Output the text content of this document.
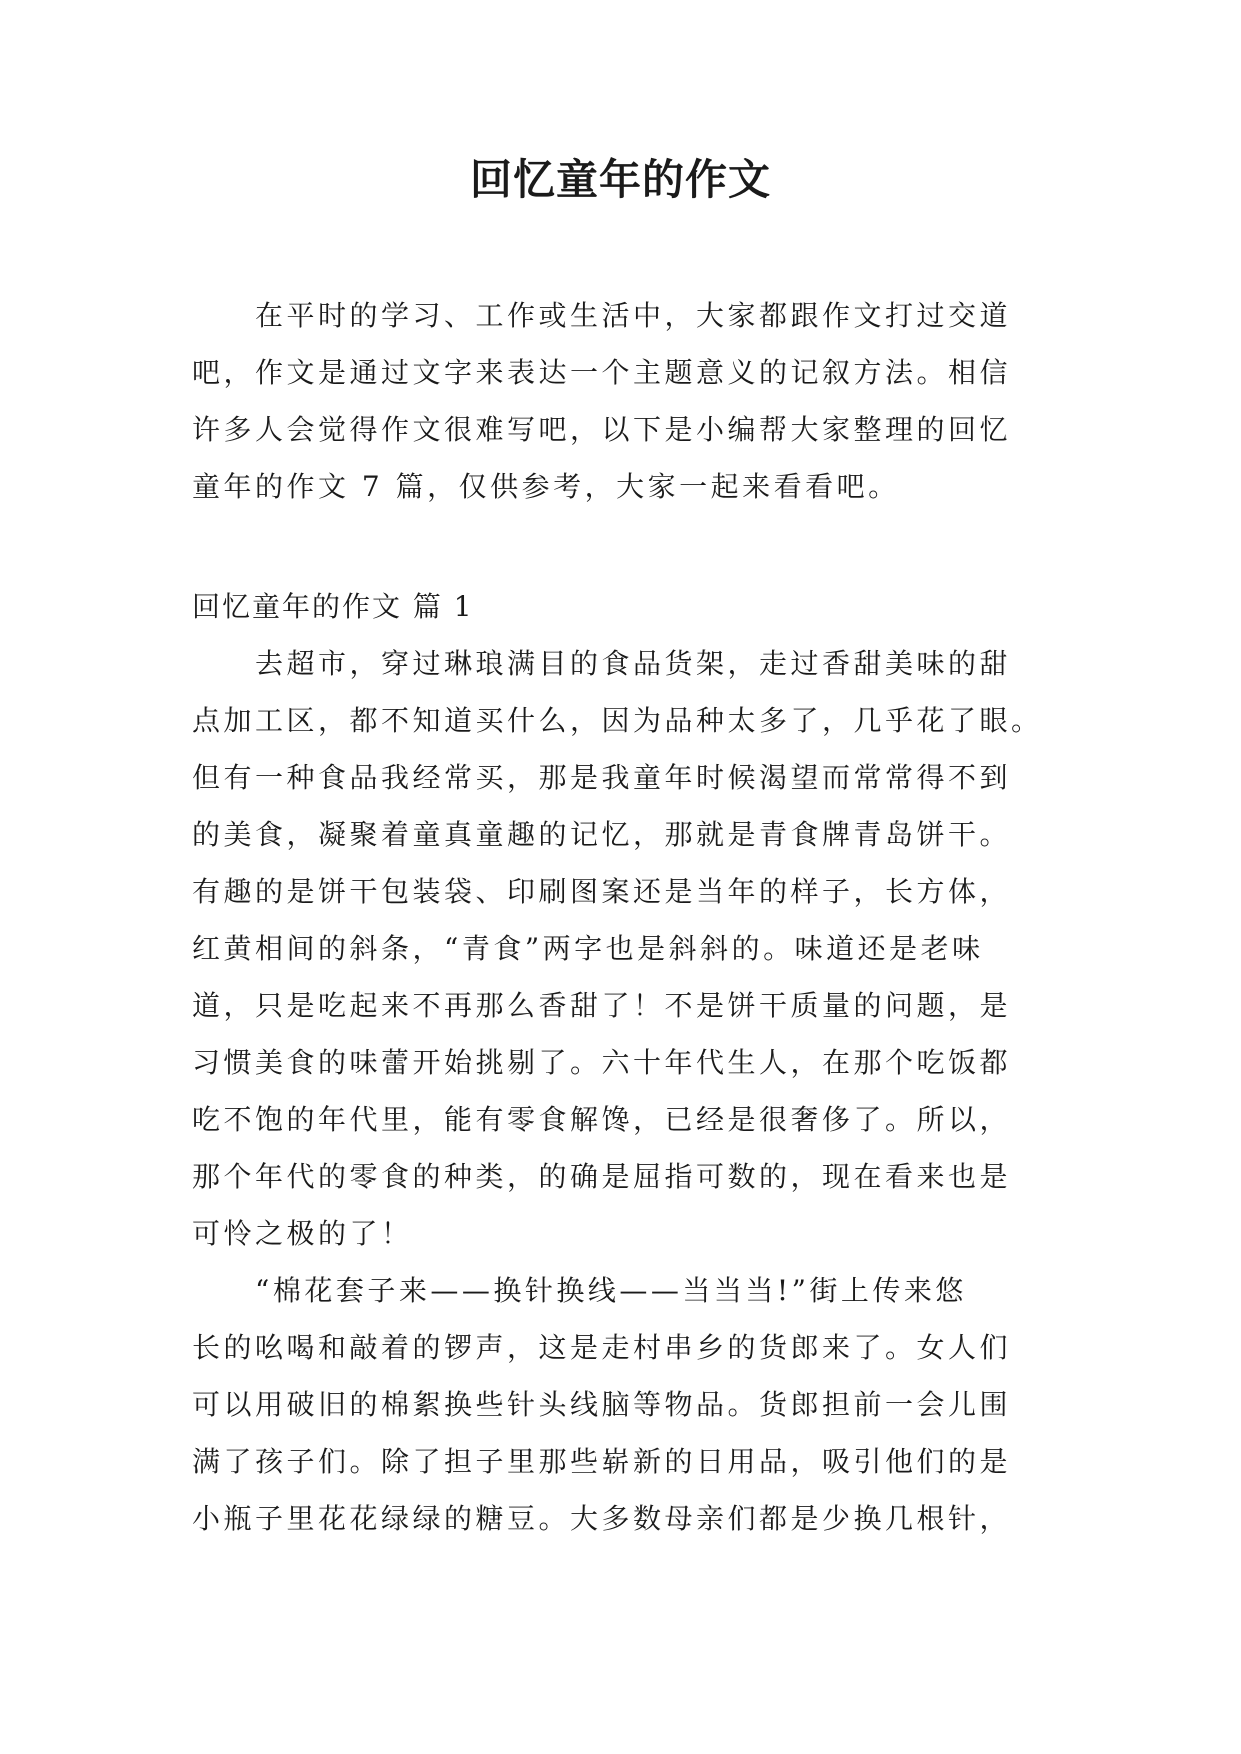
回忆童年的作文
　　在平时的学习、工作或生活中，大家都跟作文打过交道
吧，作文是通过文字来表达一个主题意义的记叙方法。相信
许多人会觉得作文很难写吧，以下是小编帮大家整理的回忆
童年的作文 7 篇，仅供参考，大家一起来看看吧。
回忆童年的作文 篇 1
　　去超市，穿过琳琅满目的食品货架，走过香甜美味的甜
点加工区，都不知道买什么，因为品种太多了，几乎花了眼。
但有一种食品我经常买，那是我童年时候渴望而常常得不到
的美食，凝聚着童真童趣的记忆，那就是青食牌青岛饼干。
有趣的是饼干包装袋、印刷图案还是当年的样子，长方体，
红黄相间的斜条，“青食”两字也是斜斜的。味道还是老味
道，只是吃起来不再那么香甜了！不是饼干质量的问题，是
习惯美食的味蕾开始挑剔了。六十年代生人，在那个吃饭都
吃不饱的年代里，能有零食解馋，已经是很奢侈了。所以，
那个年代的零食的种类，的确是屈指可数的，现在看来也是
可怜之极的了！
　　“棉花套子来——换针换线——当当当!”街上传来悠
长的吆喝和敲着的锣声，这是走村串乡的货郎来了。女人们
可以用破旧的棉絮换些针头线脑等物品。货郎担前一会儿围
满了孩子们。除了担子里那些崭新的日用品，吸引他们的是
小瓶子里花花绿绿的糖豆。大多数母亲们都是少换几根针，
